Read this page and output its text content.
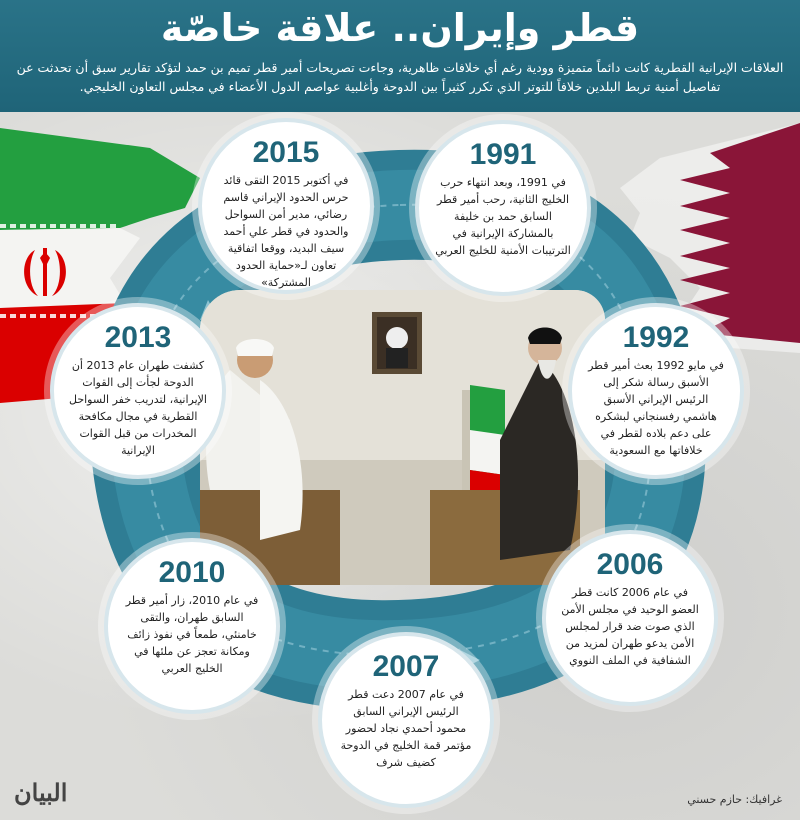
قطر وإيران.. علاقة خاصّة
العلاقات الإيرانية القطرية كانت دائماً متميزة وودية رغم أي خلافات ظاهرية، وجاءت تصريحات أمير قطر تميم بن حمد لتؤكد تقارير سبق أن تحدثت عن تفاصيل أمنية تربط البلدين خلافاً للتوتر الذي تكرر كثيراً بين الدوحة وأغلبية عواصم الدول الأعضاء في مجلس التعاون الخليجي.
1991
في 1991، وبعد انتهاء حرب الخليج الثانية، رحب أمير قطر السابق حمد بن خليفة بالمشاركة الإيرانية في الترتيبات الأمنية للخليج العربي
1992
في مايو 1992 بعث أمير قطر الأسبق رسالة شكر إلى الرئيس الإيراني الأسبق هاشمي رفسنجاني لبشكره على دعم بلاده لقطر في خلافاتها مع السعودية
2006
في عام 2006 كانت قطر العضو الوحيد في مجلس الأمن الذي صوت ضد قرار لمجلس الأمن يدعو طهران لمزيد من الشفافية في الملف النووي
2007
في عام 2007 دعت قطر الرئيس الإيراني السابق محمود أحمدي نجاد لحضور مؤتمر قمة الخليج في الدوحة كضيف شرف
2010
في عام 2010، زار أمير قطر السابق طهران، والتقى خامنئي، طمعاً في نفوذ زائف ومكانة تعجز عن ملئها في الخليج العربي
2013
كشفت طهران عام 2013 أن الدوحة لجأت إلى القوات الإيرانية، لتدريب خفر السواحل القطرية في مجال مكافحة المخدرات من قبل القوات الإيرانية
2015
في أكتوبر 2015 التقى قائد حرس الحدود الإيراني قاسم رضائي، مدير أمن السواحل والحدود في قطر علي أحمد سيف البديد، ووقعا اتفاقية تعاون لـ«حماية الحدود المشتركة»
غرافيك: حازم حسني
البيان
